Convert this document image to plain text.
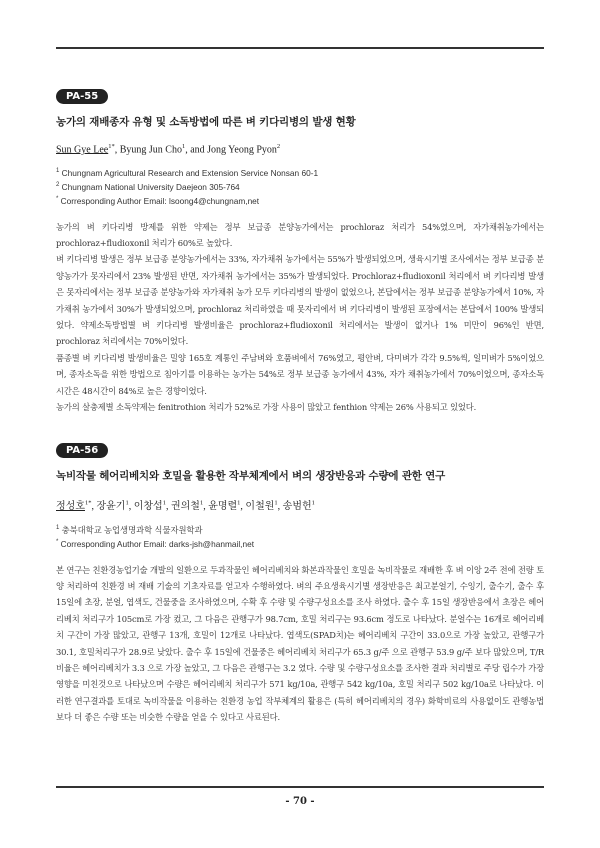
PA-55
농가의 재배종자 유형 및 소독방법에 따른 벼 키다리병의 발생 현황
Sun Gye Lee$^{1*}$, Byung Jun Cho$^1$, and Jong Yeong Pyon$^2$
$^1$ Chungnam Agricultural Research and Extension Service Nonsan 60-1
$^2$ Chungnam National University Daejeon 305-764
* Corresponding Author Email: lsoong4@chungnam,net

농가의 벼 키다리병 방제를 위한 약제는 정부 보급종 분양농가에서는 prochloraz 처리가 54%였으며, 자가채취농가에서는 prochloraz+fludioxonil 처리가 60%로 높았다.

벼 키다리병 발생은 정부 보급종 분양농가에서는 33%, 자가채취 농가에서는 55%가 발생되었으며, 생육시기별 조사에서는 정부 보급종 분양농가가 못자리에서 23% 발생된 반면, 자가채취 농가에서는 35%가 발생되었다. Prochloraz+fludioxonil 처리에서 벼 키다리병 발생은 못자리에서는 정부 보급종 분양농가와 자가채취 농가 모두 키다리병의 발생이 없었으나, 본답에서는 정부 보급종 분양농가에서 10%, 자가채취 농가에서 30%가 발생되었으며, prochloraz 처리하였을 때 못자리에서 벼 키다리병이 발생된 포장에서는 본답에서 100% 발생되었다. 약제소독방법별 벼 키다리병 발생비율은 prochloraz+fludioxonil 처리에서는 발생이 없거나 1% 미만이 96%인 반면, prochloraz 처리에서는 70%이었다.

품종별 벼 키다리병 발생비율은 밀양 165호 계통인 주남벼와 호품벼에서 76%였고, 평안벼, 다미벼가 각각 9.5%씩, 일미벼가 5%이었으며, 종자소독을 위한 방법으로 침아기를 이용하는 농가는 54%로 정부 보급종 농가에서 43%, 자가 채취농가에서 70%이었으며, 종자소독시간은 48시간이 84%로 높은 경향이었다.

농가의 살충제별 소독약제는 fenitrothion 처리가 52%로 가장 사용이 많았고 fenthion 약제는 26% 사용되고 있었다.

PA-56
녹비작물 헤어리베치와 호밀을 활용한 작부체계에서 벼의 생장반응과 수량에 관한 연구
정성호$^{1*}$, 장윤기$^1$, 이창섭$^1$, 권의철$^1$, 윤명렬$^1$, 이철원$^1$, 송범헌$^1$
$^1$ 충북대학교 농업생명과학 식물자원학과
* Corresponding Author Email: darks-jsh@hanmail,net

본 연구는 친환경농업기술 개발의 일환으로 두과작물인 헤어리베치와 화본과작물인 호밀을 녹비작물로 재배한 후 벼 이앙 2주 전에 전량 토양 처리하여 친환경 벼 재배 기술의 기초자료를 얻고자 수행하였다. 벼의 주요생육시기별 생장반응은 최고분얼기, 수잉기, 출수기, 출수 후 15일에 초장, 분얼, 엽색도, 건물중을 조사하였으며, 수확 후 수량 및 수량구성요소를 조사 하였다. 출수 후 15일 생장반응에서 초장은 헤어리베치 처리구가 105cm로 가장 컸고, 그 다음은 관행구가 98.7cm, 호밀 처리구는 93.6cm 정도로 나타났다. 분얼수는 16개로 헤어리베치 구간이 가장 많았고, 관행구 13개, 호밀이 12개로 나타났다. 엽색도(SPAD치)는 헤어리베치 구간이 33.0으로 가장 높았고, 관행구가 30.1, 호밀처리구가 28.9로 낮았다. 출수 후 15일에 건물중은 헤어리베치 처리구가 65.3 g/주 으로 관행구 53.9 g/주 보다 많았으며, T/R비율은 헤어리베치가 3.3 으로 가장 높았고, 그 다음은 관행구는 3.2 였다. 수량 및 수량구성요소를 조사한 결과 처리별로 주당 립수가 가장 영향을 미친것으로 나타났으며 수량은 헤어리베치 처리구가 571 kg/10a, 관행구 542 kg/10a, 호밀 처리구 502 kg/10a로 나타났다. 이러한 연구결과를 토대로 녹비작물을 이용하는 친환경 농업 작부체계의 활용은 (특히 헤어리베치의 경우) 화학비료의 사용없이도 관행농법 보다 더 좋은 수량 또는 비슷한 수량을 얻을 수 있다고 사료된다.

- 70 -
